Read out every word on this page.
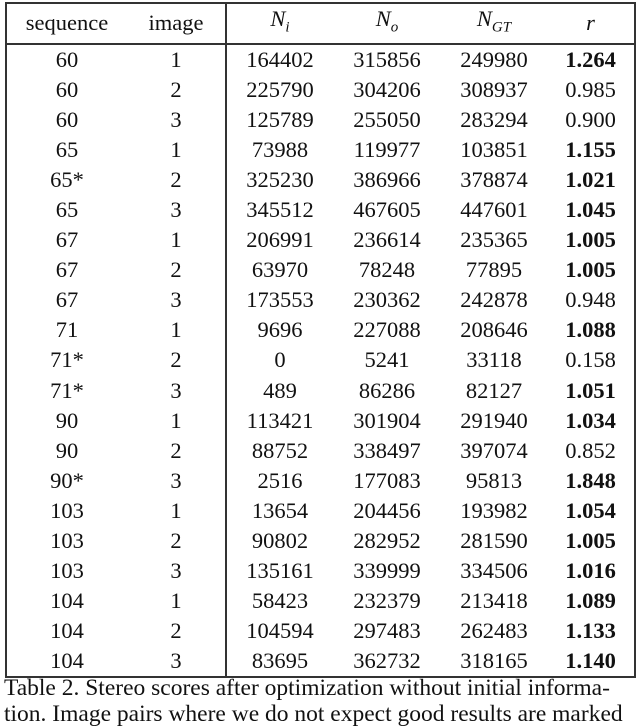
sequence	image	$N_i$	$N_o$	$N_{GT}$	r
60	1	164402	315856	249980	1.264
60	2	225790	304206	308937	0.985
60	3	125789	255050	283294	0.900
65	1	73988	119977	103851	1.155
65*	2	325230	386966	378874	1.021
65	3	345512	467605	447601	1.045
67	1	206991	236614	235365	1.005
67	2	63970	78248	77895	1.005
67	3	173553	230362	242878	0.948
71	1	9696	227088	208646	1.088
71*	2	0	5241	33118	0.158
71*	3	489	86286	82127	1.051
90	1	113421	301904	291940	1.034
90	2	88752	338497	397074	0.852
90*	3	2516	177083	95813	1.848
103	1	13654	204456	193982	1.054
103	2	90802	282952	281590	1.005
103	3	135161	339999	334506	1.016
104	1	58423	232379	213418	1.089
104	2	104594	297483	262483	1.133
104	3	83695	362732	318165	1.140
Table 2. Stereo scores after optimization without initial informa-
tion. Image pairs where we do not expect good results are marked
